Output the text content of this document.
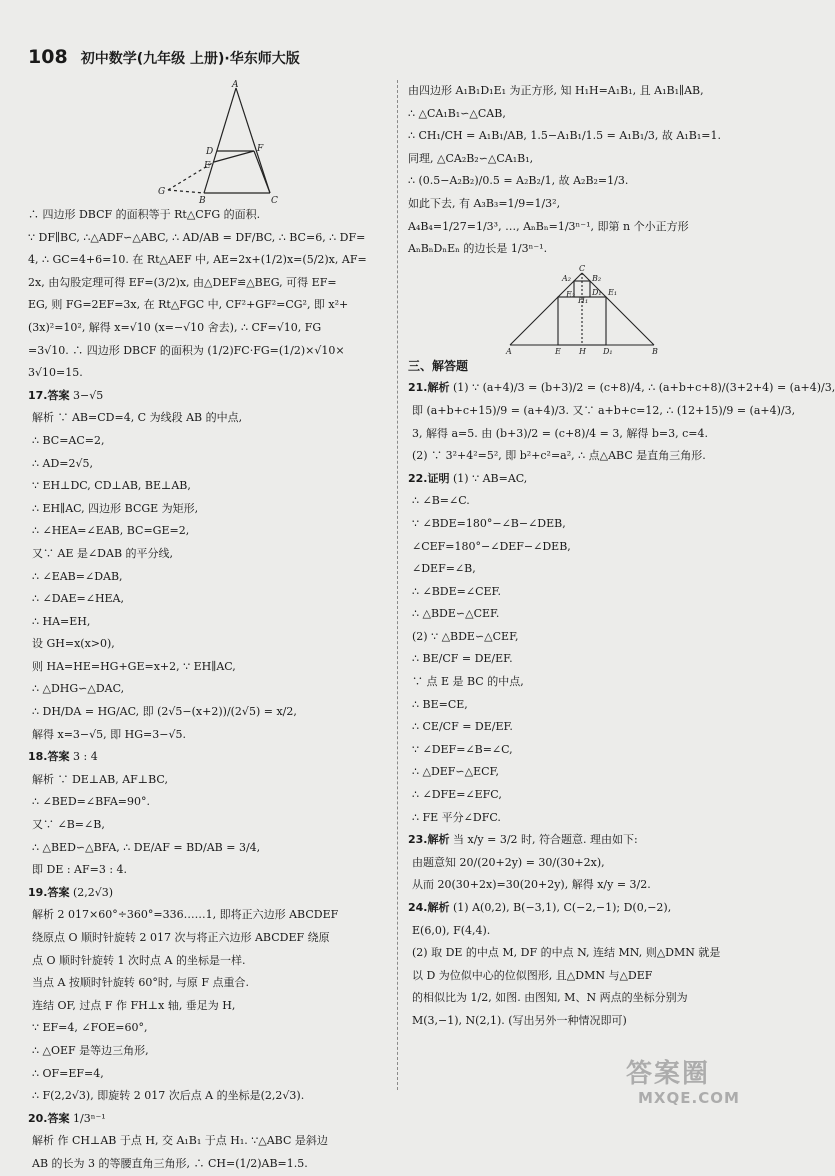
108 初中数学(九年级 上册)·华东师大版
A
D	F
E
G
B	C
∴ 四边形 DBCF 的面积等于 Rt△CFG 的面积.
∵ DF∥BC, ∴△ADF∽△ABC, ∴ AD/AB = DF/BC, ∴ BC=6, ∴ DF=
4, ∴ GC=4+6=10. 在 Rt△AEF 中, AE=2x+(1/2)x=(5/2)x, AF=
2x, 由勾股定理可得 EF=(3/2)x, 由△DEF≌△BEG, 可得 EF=
EG, 则 FG=2EF=3x, 在 Rt△FGC 中, CF²+GF²=CG², 即 x²+
(3x)²=10², 解得 x=√10 (x=−√10 舍去), ∴ CF=√10, FG
=3√10. ∴ 四边形 DBCF 的面积为 (1/2)FC·FG=(1/2)×√10×
3√10=15.
17.答案 3−√5
解析 ∵ AB=CD=4, C 为线段 AB 的中点,
∴ BC=AC=2,
∴ AD=2√5,
∵ EH⊥DC, CD⊥AB, BE⊥AB,
∴ EH∥AC, 四边形 BCGE 为矩形,
∴ ∠HEA=∠EAB, BC=GE=2,
又∵ AE 是∠DAB 的平分线,
∴ ∠EAB=∠DAB,
∴ ∠DAE=∠HEA,
∴ HA=EH,
设 GH=x(x>0),
则 HA=HE=HG+GE=x+2, ∵ EH∥AC,
∴ △DHG∽△DAC,
∴ DH/DA = HG/AC, 即 (2√5−(x+2))/(2√5) = x/2,
解得 x=3−√5, 即 HG=3−√5.
18.答案 3 : 4
解析 ∵ DE⊥AB, AF⊥BC,
∴ ∠BED=∠BFA=90°.
又∵ ∠B=∠B,
∴ △BED∽△BFA, ∴ DE/AF = BD/AB = 3/4,
即 DE : AF=3 : 4.
19.答案 (2,2√3)
解析 2 017×60°÷360°=336……1, 即将正六边形 ABCDEF
绕原点 O 顺时针旋转 2 017 次与将正六边形 ABCDEF 绕原
点 O 顺时针旋转 1 次时点 A 的坐标是一样.
当点 A 按顺时针旋转 60°时, 与原 F 点重合.
连结 OF, 过点 F 作 FH⊥x 轴, 垂足为 H,
∵ EF=4, ∠FOE=60°,
∴ △OEF 是等边三角形,
∴ OF=EF=4,
∴ F(2,2√3), 即旋转 2 017 次后点 A 的坐标是(2,2√3).
20.答案 1/3ⁿ⁻¹
解析 作 CH⊥AB 于点 H, 交 A₁B₁ 于点 H₁. ∵△ABC 是斜边
AB 的长为 3 的等腰直角三角形, ∴ CH=(1/2)AB=1.5.
由四边形 A₁B₁D₁E₁ 为正方形, 知 H₁H=A₁B₁, 且 A₁B₁∥AB,
∴ △CA₁B₁∽△CAB,
∴ CH₁/CH = A₁B₁/AB, 1.5−A₁B₁/1.5 = A₁B₁/3, 故 A₁B₁=1.
同理, △CA₂B₂∽△CA₁B₁,
∴ (0.5−A₂B₂)/0.5 = A₂B₂/1, 故 A₂B₂=1/3.
如此下去, 有 A₃B₃=1/9=1/3²,
A₄B₄=1/27=1/3³, …, AₙBₙ=1/3ⁿ⁻¹, 即第 n 个小正方形
AₙBₙDₙEₙ 的边长是 1/3ⁿ⁻¹.
C
A₂	B₂
E₂
H₁
D₁ E₁
A	E H D₁	B
三、解答题
21.解析 (1) ∵ (a+4)/3 = (b+3)/2 = (c+8)/4, ∴ (a+b+c+8)/(3+2+4) = (a+4)/3,
即 (a+b+c+15)/9 = (a+4)/3. 又∵ a+b+c=12, ∴ (12+15)/9 = (a+4)/3,
3, 解得 a=5. 由 (b+3)/2 = (c+8)/4 = 3, 解得 b=3, c=4.
(2) ∵ 3²+4²=5², 即 b²+c²=a², ∴ 点△ABC 是直角三角形.
22.证明 (1) ∵ AB=AC,
∴ ∠B=∠C.
∵ ∠BDE=180°−∠B−∠DEB,
∠CEF=180°−∠DEF−∠DEB,
∠DEF=∠B,
∴ ∠BDE=∠CEF.
∴ △BDE∽△CEF.
(2) ∵ △BDE∽△CEF,
∴ BE/CF = DE/EF.
∵ 点 E 是 BC 的中点,
∴ BE=CE,
∴ CE/CF = DE/EF.
∵ ∠DEF=∠B=∠C,
∴ △DEF∽△ECF,
∴ ∠DFE=∠EFC,
∴ FE 平分∠DFC.
23.解析 当 x/y = 3/2 时, 符合题意. 理由如下:
由题意知 20/(20+2y) = 30/(30+2x),
从而 20(30+2x)=30(20+2y), 解得 x/y = 3/2.
24.解析 (1) A(0,2), B(−3,1), C(−2,−1); D(0,−2),
E(6,0), F(4,4).
(2) 取 DE 的中点 M, DF 的中点 N, 连结 MN, 则△DMN 就是
以 D 为位似中心的位似图形, 且△DMN 与△DEF
的相似比为 1/2, 如图. 由图知, M、N 两点的坐标分别为
M(3,−1), N(2,1). (写出另外一种情况即可)
答案圈
MXQE.COM
